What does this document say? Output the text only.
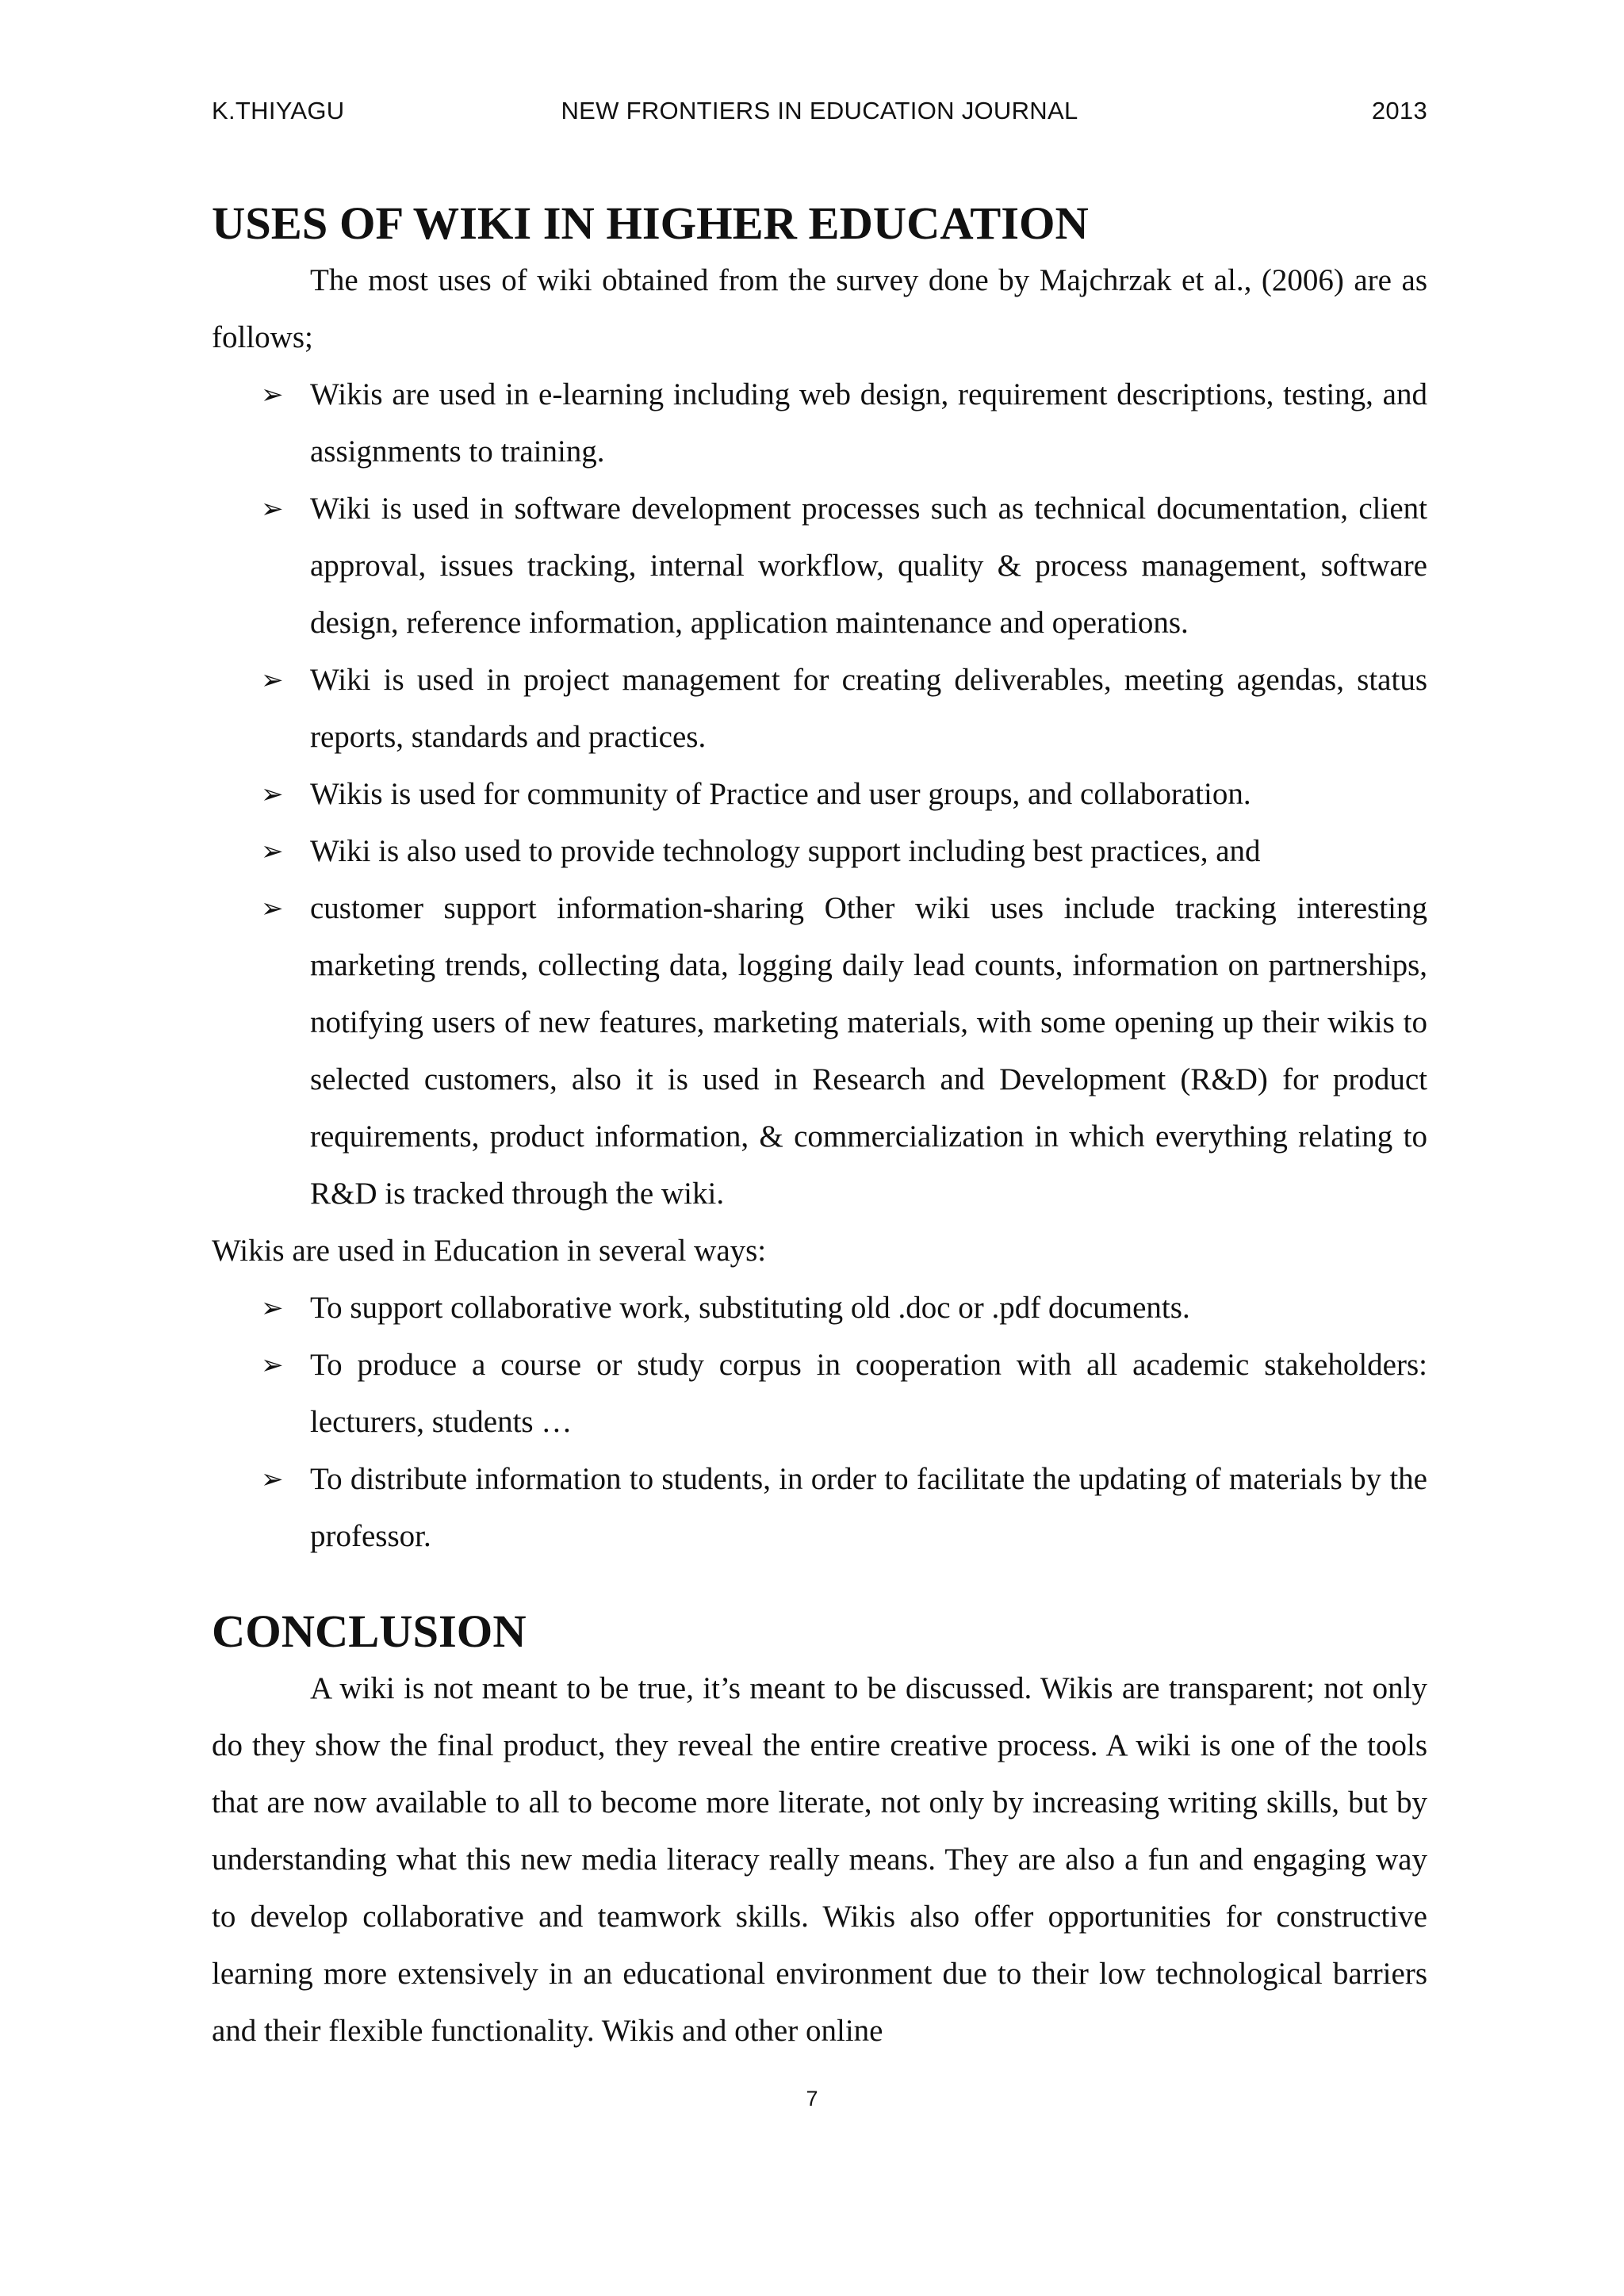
K.THIYAGU	NEW FRONTIERS IN EDUCATION JOURNAL	2013
USES OF WIKI IN HIGHER EDUCATION

The most uses of wiki obtained from the survey done by Majchrzak et al., (2006) are as follows;

➢ Wikis are used in e-learning including web design, requirement descriptions, testing, and assignments to training.
➢ Wiki is used in software development processes such as technical documentation, client approval, issues tracking, internal workflow, quality & process management, software design, reference information, application maintenance and operations.
➢ Wiki is used in project management for creating deliverables, meeting agendas, status reports, standards and practices.
➢ Wikis is used for community of Practice and user groups, and collaboration.
➢ Wiki is also used to provide technology support including best practices, and
➢ customer support information-sharing Other wiki uses include tracking interesting marketing trends, collecting data, logging daily lead counts, information on partnerships, notifying users of new features, marketing materials, with some opening up their wikis to selected customers, also it is used in Research and Development (R&D) for product requirements, product information, & commercialization in which everything relating to R&D is tracked through the wiki.

Wikis are used in Education in several ways:

➢ To support collaborative work, substituting old .doc or .pdf documents.
➢ To produce a course or study corpus in cooperation with all academic stakeholders: lecturers, students …
➢ To distribute information to students, in order to facilitate the updating of materials by the professor.
CONCLUSION

A wiki is not meant to be true, it’s meant to be discussed. Wikis are transparent; not only do they show the final product, they reveal the entire creative process. A wiki is one of the tools that are now available to all to become more literate, not only by increasing writing skills, but by understanding what this new media literacy really means. They are also a fun and engaging way to develop collaborative and teamwork skills. Wikis also offer opportunities for constructive learning more extensively in an educational environment due to their low technological barriers and their flexible functionality. Wikis and other online

7
